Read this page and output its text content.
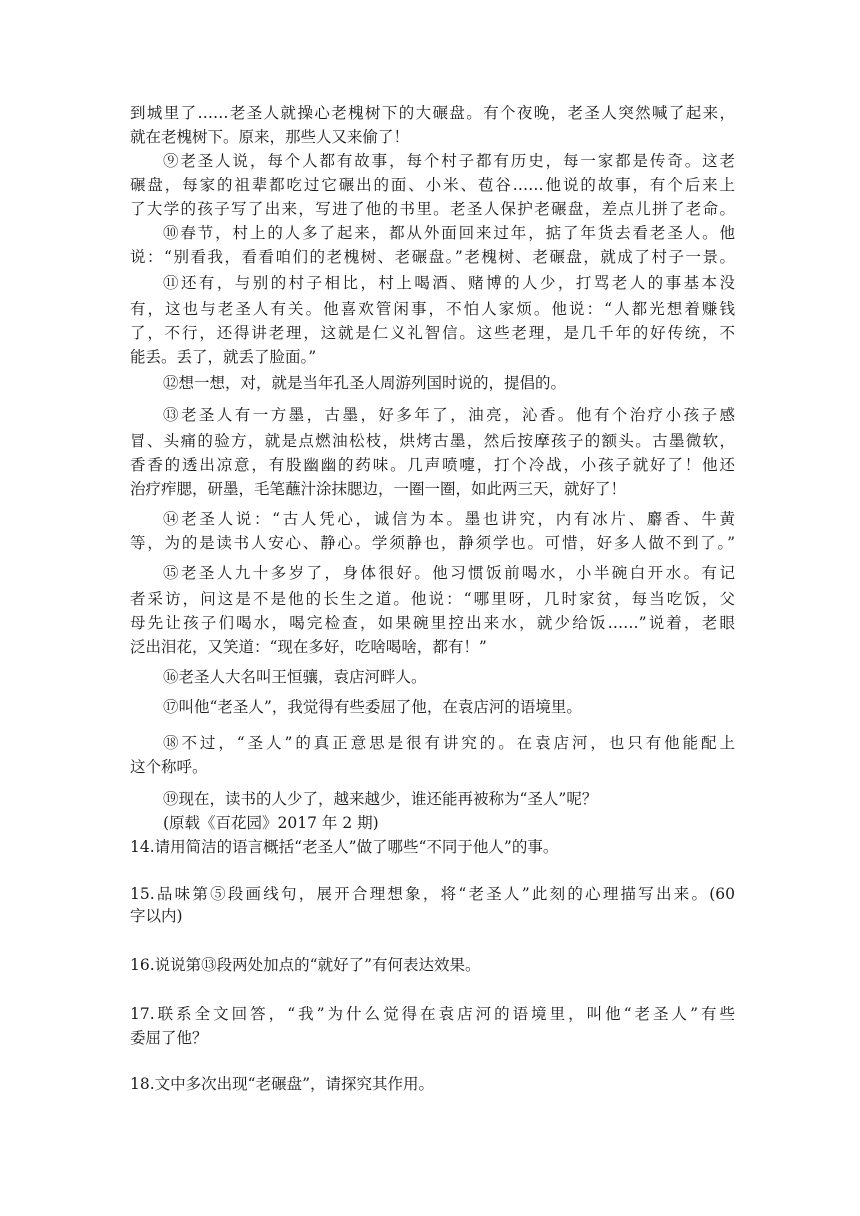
到城里了……老圣人就操心老槐树下的大碾盘。有个夜晚，老圣人突然喊了起来，
就在老槐树下。原来，那些人又来偷了！
⑨老圣人说，每个人都有故事，每个村子都有历史，每一家都是传奇。这老
碾盘，每家的祖辈都吃过它碾出的面、小米、苞谷……他说的故事，有个后来上
了大学的孩子写了出来，写进了他的书里。老圣人保护老碾盘，差点儿拼了老命。
⑩春节，村上的人多了起来，都从外面回来过年，掂了年货去看老圣人。他
说：“别看我，看看咱们的老槐树、老碾盘。”老槐树、老碾盘，就成了村子一景。
⑪还有，与别的村子相比，村上喝酒、赌博的人少，打骂老人的事基本没
有，这也与老圣人有关。他喜欢管闲事，不怕人家烦。他说：“人都光想着赚钱
了，不行，还得讲老理，这就是仁义礼智信。这些老理，是几千年的好传统，不
能丢。丢了，就丢了脸面。”
⑫想一想，对，就是当年孔圣人周游列国时说的，提倡的。
⑬老圣人有一方墨，古墨，好多年了，油亮，沁香。他有个治疗小孩子感
冒、头痛的验方，就是点燃油松枝，烘烤古墨，然后按摩孩子的额头。古墨微软，
香香的透出凉意，有股幽幽的药味。几声喷嚏，打个冷战，小孩子就好了！他还
治疗痄腮，研墨，毛笔蘸汁涂抹腮边，一圈一圈，如此两三天，就好了！
⑭老圣人说：“古人凭心，诚信为本。墨也讲究，内有冰片、麝香、牛黄
等，为的是读书人安心、静心。学须静也，静须学也。可惜，好多人做不到了。”
⑮老圣人九十多岁了，身体很好。他习惯饭前喝水，小半碗白开水。有记
者采访，问这是不是他的长生之道。他说：“哪里呀，几时家贫，每当吃饭，父
母先让孩子们喝水，喝完检查，如果碗里控出来水，就少给饭……”说着，老眼
泛出泪花，又笑道：“现在多好，吃啥喝啥，都有！”
⑯老圣人大名叫王恒骧，袁店河畔人。
⑰叫他“老圣人”，我觉得有些委屈了他，在袁店河的语境里。
⑱不过，“圣人”的真正意思是很有讲究的。在袁店河，也只有他能配上
这个称呼。
⑲现在，读书的人少了，越来越少，谁还能再被称为“圣人”呢？
(原载《百花园》2017 年 2 期)
14.请用简洁的语言概括“老圣人”做了哪些“不同于他人”的事。
15.品味第⑤段画线句，展开合理想象，将“老圣人”此刻的心理描写出来。(60
字以内)
16.说说第⑬段两处加点的“就好了”有何表达效果。
17.联系全文回答，“我”为什么觉得在袁店河的语境里，叫他“老圣人”有些
委屈了他？
18.文中多次出现“老碾盘”，请探究其作用。
